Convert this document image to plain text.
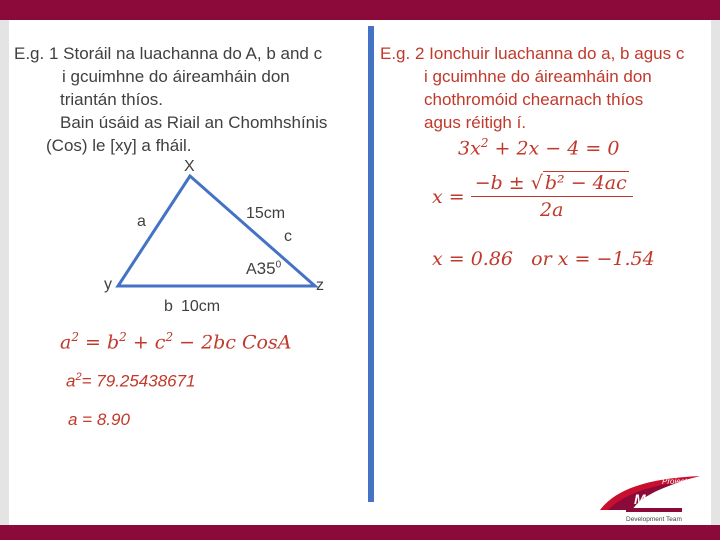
E.g. 1 Storáil na luachanna do A, b and c
i gcuimhne do áireamháin don
triantán thíos.
Bain úsáid as Riail an Chomhshínis
(Cos) le [xy] a fháil.
X
y	z
a	15cm
c
$A35^0$
b 10cm
$a^2 = b^2 + c^2 - 2bc$ CosA
$a^2= 79.25438671$
a = 8.90
E.g. 2 Ionchuir luachanna do a, b agus c
i gcuimhne do áireamháin don
chothromóid chearnach thíos
agus réitigh í.
$3x^2 + 2x - 4 = 0$
$x = \frac{\text{−b ± √ b² − 4ac}}{2a}$
x = 0.86 or x = −1.54
Project
Maths
Development Team
